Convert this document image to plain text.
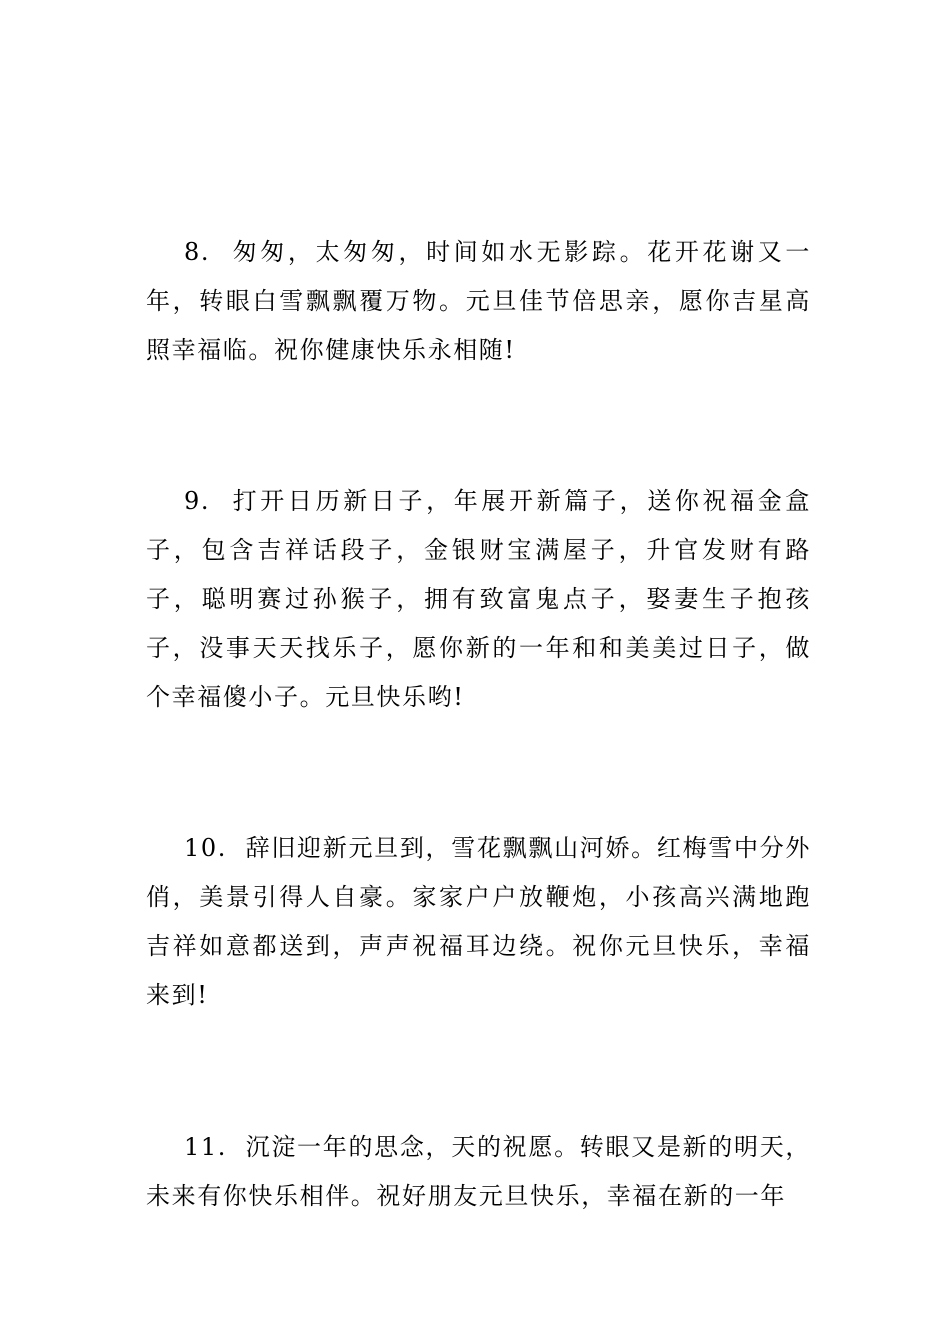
8. 匆匆，太匆匆，时间如水无影踪。花开花谢又一年，转眼白雪飘飘覆万物。元旦佳节倍思亲，愿你吉星高照幸福临。祝你健康快乐永相随!

9. 打开日历新日子，年展开新篇子，送你祝福金盒子，包含吉祥话段子，金银财宝满屋子，升官发财有路子，聪明赛过孙猴子，拥有致富鬼点子，娶妻生子抱孩子，没事天天找乐子，愿你新的一年和和美美过日子，做个幸福傻小子。元旦快乐哟!

10. 辞旧迎新元旦到，雪花飘飘山河娇。红梅雪中分外俏，美景引得人自豪。家家户户放鞭炮，小孩高兴满地跑吉祥如意都送到，声声祝福耳边绕。祝你元旦快乐，幸福来到!

11. 沉淀一年的思念，天的祝愿。转眼又是新的明天，未来有你快乐相伴。祝好朋友元旦快乐，幸福在新的一年
